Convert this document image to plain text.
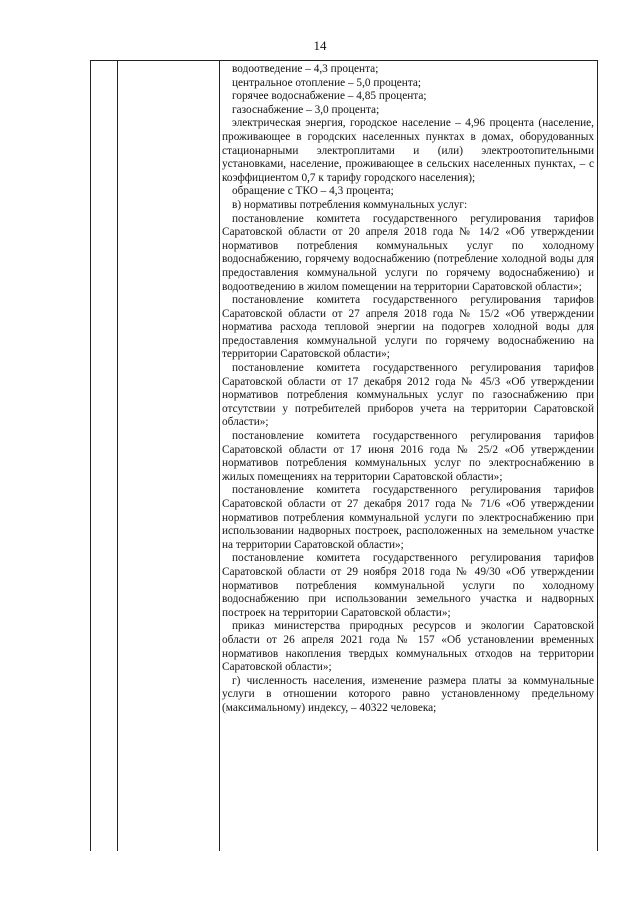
14

водоотведение – 4,3 процента;

центральное отопление – 5,0 процента;

горячее водоснабжение – 4,85 процента;

газоснабжение – 3,0 процента;

электрическая энергия, городское население – 4,96 процента (население, проживающее в городских населенных пунктах в домах, оборудованных стационарными электроплитами и (или) электроотопительными установками, население, проживающее в сельских населенных пунктах, – с коэффициентом 0,7 к тарифу городского населения);

обращение с ТКО – 4,3 процента;

в) нормативы потребления коммунальных услуг:

постановление комитета государственного регулирования тарифов Саратовской области от 20 апреля 2018 года № 14/2 «Об утверждении нормативов потребления коммунальных услуг по холодному водоснабжению, горячему водоснабжению (потребление холодной воды для предоставления коммунальной услуги по горячему водоснабжению) и водоотведению в жилом помещении на территории Саратовской области»;

постановление комитета государственного регулирования тарифов Саратовской области от 27 апреля 2018 года № 15/2 «Об утверждении норматива расхода тепловой энергии на подогрев холодной воды для предоставления коммунальной услуги по горячему водоснабжению на территории Саратовской области»;

постановление комитета государственного регулирования тарифов Саратовской области от 17 декабря 2012 года № 45/3 «Об утверждении нормативов потребления коммунальных услуг по газоснабжению при отсутствии у потребителей приборов учета на территории Саратовской области»;

постановление комитета государственного регулирования тарифов Саратовской области от 17 июня 2016 года № 25/2 «Об утверждении нормативов потребления коммунальных услуг по электроснабжению в жилых помещениях на территории Саратовской области»;

постановление комитета государственного регулирования тарифов Саратовской области от 27 декабря 2017 года № 71/6 «Об утверждении нормативов потребления коммунальной услуги по электроснабжению при использовании надворных построек, расположенных на земельном участке на территории Саратовской области»;

постановление комитета государственного регулирования тарифов Саратовской области от 29 ноября 2018 года № 49/30 «Об утверждении нормативов потребления коммунальной услуги по холодному водоснабжению при использовании земельного участка и надворных построек на территории Саратовской области»;

приказ министерства природных ресурсов и экологии Саратовской области от 26 апреля 2021 года № 157 «Об установлении временных нормативов накопления твердых коммунальных отходов на территории Саратовской области»;

г) численность населения, изменение размера платы за коммунальные услуги в отношении которого равно установленному предельному (максимальному) индексу, – 40322 человека;
